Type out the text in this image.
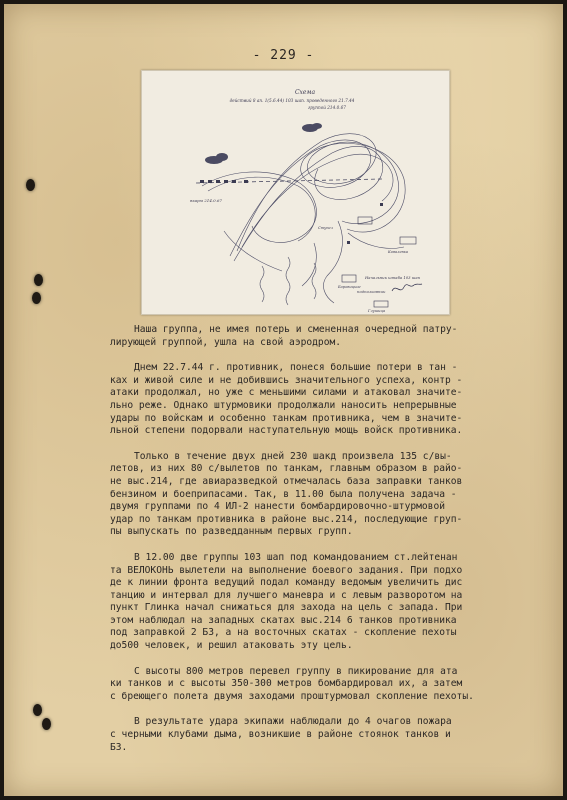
- 229 -
Схема
действий 8 ап. 1(5.6.44) 103 шап. проведенного 21.7.44
группой 214.0.67
вкарм 214.0.67
Ступел
Ковалевка
Боровицкое
Глушица
Начальник штаба 103 шап
подполковник

Наша группа, не имея потерь и смененная очередной патру-
лирующей группой, ушла на свой аэродром.

Днем 22.7.44 г. противник, понеся большие потери в тан -
ках и живой силе и не добившись значительного успеха, контр -
атаки продолжал, но уже с меньшими силами и атаковал значите-
льно реже. Однако штурмовики продолжали наносить непрерывные
удары по войскам и особенно танкам противника, чем в значите-
льной степени подорвали наступательную мощь войск противника.

Только в течение двух дней 230 шакд произвела 135 с/вы-
летов, из них 80 с/вылетов по танкам, главным образом в райо-
не выс.214, где авиаразведкой отмечалась база заправки танков
бензином и боеприпасами. Так, в 11.00 была получена задача -
двумя группами по 4 ИЛ-2 нанести бомбардировочно-штурмовой
удар по танкам противника в районе выс.214, последующие груп-
пы выпускать по разведданным первых групп.

В 12.00 две группы 103 шап под командованием ст.лейтенан
та ВЕЛОКОНЬ вылетели на выполнение боевого задания. При подхо
де к линии фронта ведущий подал команду ведомым увеличить дис
танцию и интервал для лучшего маневра и с левым разворотом на
пункт Глинка начал снижаться для захода на цель с запада. При
этом наблюдал на западных скатах выс.214 6 танков противника
под заправкой 2 БЗ, а на восточных скатах - скопление пехоты
до500 человек, и решил атаковать эту цель.

С высоты 800 метров перевел группу в пикирование для ата
ки танков и с высоты 350-300 метров бомбардировал их, а затем
с бреющего полета двумя заходами проштурмовал скопление пехоты.

В результате удара экипажи наблюдали до 4 очагов пожара
с черными клубами дыма, возникшие в районе стоянок танков и
БЗ.
